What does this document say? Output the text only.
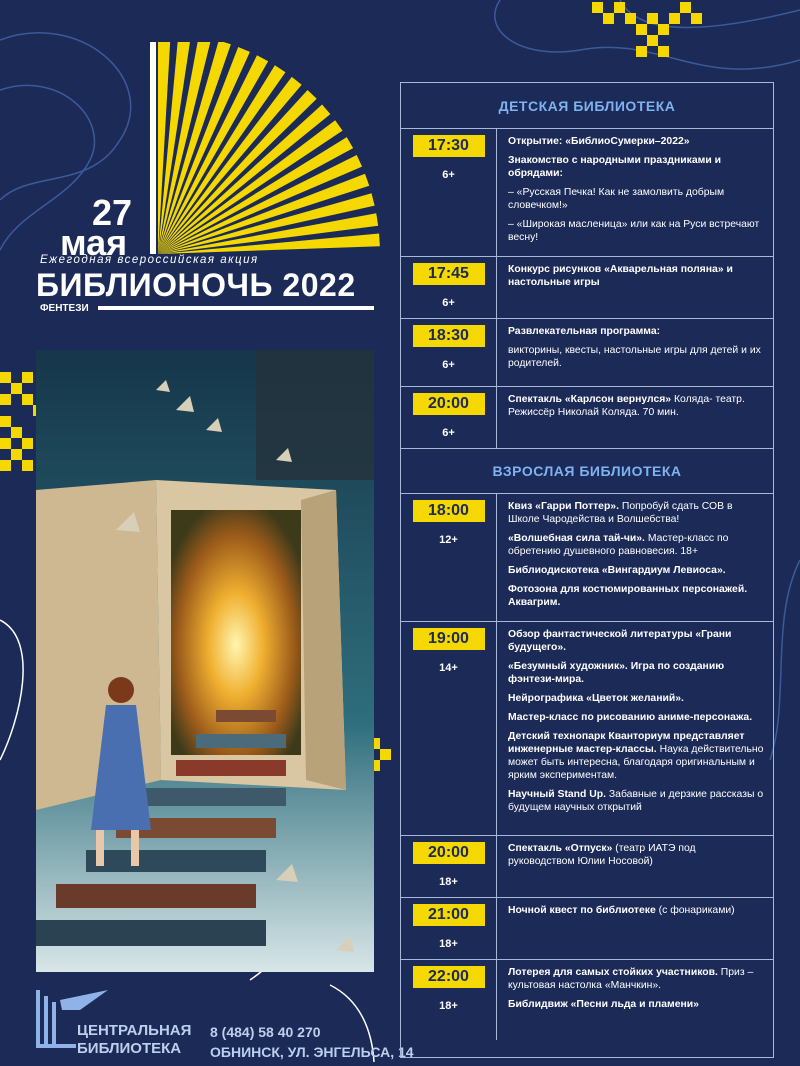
27
мая
Ежегодная всероссийская акция
БИБЛИОНОЧЬ 2022
ФЕНТЕЗИ
ЦЕНТРАЛЬНАЯ
БИБЛИОТЕКА
8 (484) 58 40 270
ОБНИНСК, УЛ. ЭНГЕЛЬСА, 14
ДЕТСКАЯ БИБЛИОТЕКА
17:30
6+

Открытие: «БиблиоСумерки–2022»

Знакомство с народными праздниками и обрядами:

– «Русская Печка! Как не замолвить добрым словечком!»

– «Широкая масленица» или как на Руси встречают весну!

17:45
6+

Конкурс рисунков «Акварельная поляна» и настольные игры

18:30
6+

Развлекательная программа:

викторины, квесты, настольные игры для детей и их родителей.

20:00
6+

Спектакль «Карлсон вернулся» Коляда- театр. Режиссёр Николай Коляда. 70 мин.

ВЗРОСЛАЯ БИБЛИОТЕКА
18:00
12+

Квиз «Гарри Поттер». Попробуй сдать СОВ в Школе Чародейства и Волшебства!

«Волшебная сила тай-чи». Мастер-класс по обретению душевного равновесия. 18+

Библиодискотека «Вингардиум Левиоса».

Фотозона для костюмированных персонажей. Аквагрим.

19:00
14+

Обзор фантастической литературы «Грани будущего».

«Безумный художник». Игра по созданию фэнтези-мира.

Нейрографика «Цветок желаний».

Мастер-класс по рисованию аниме-персонажа.

Детский технопарк Кванториум представляет инженерные мастер-классы. Наука действительно может быть интересна, благодаря оригинальным и ярким экспериментам.

Научный Stand Up. Забавные и дерзкие рассказы о будущем научных открытий

20:00
18+

Спектакль «Отпуск» (театр ИАТЭ под руководством Юлии Носовой)

21:00
18+

Ночной квест по библиотеке (с фонариками)

22:00
18+

Лотерея для самых стойких участников. Приз – культовая настолка «Манчкин».

Библидвиж «Песни льда и пламени»
